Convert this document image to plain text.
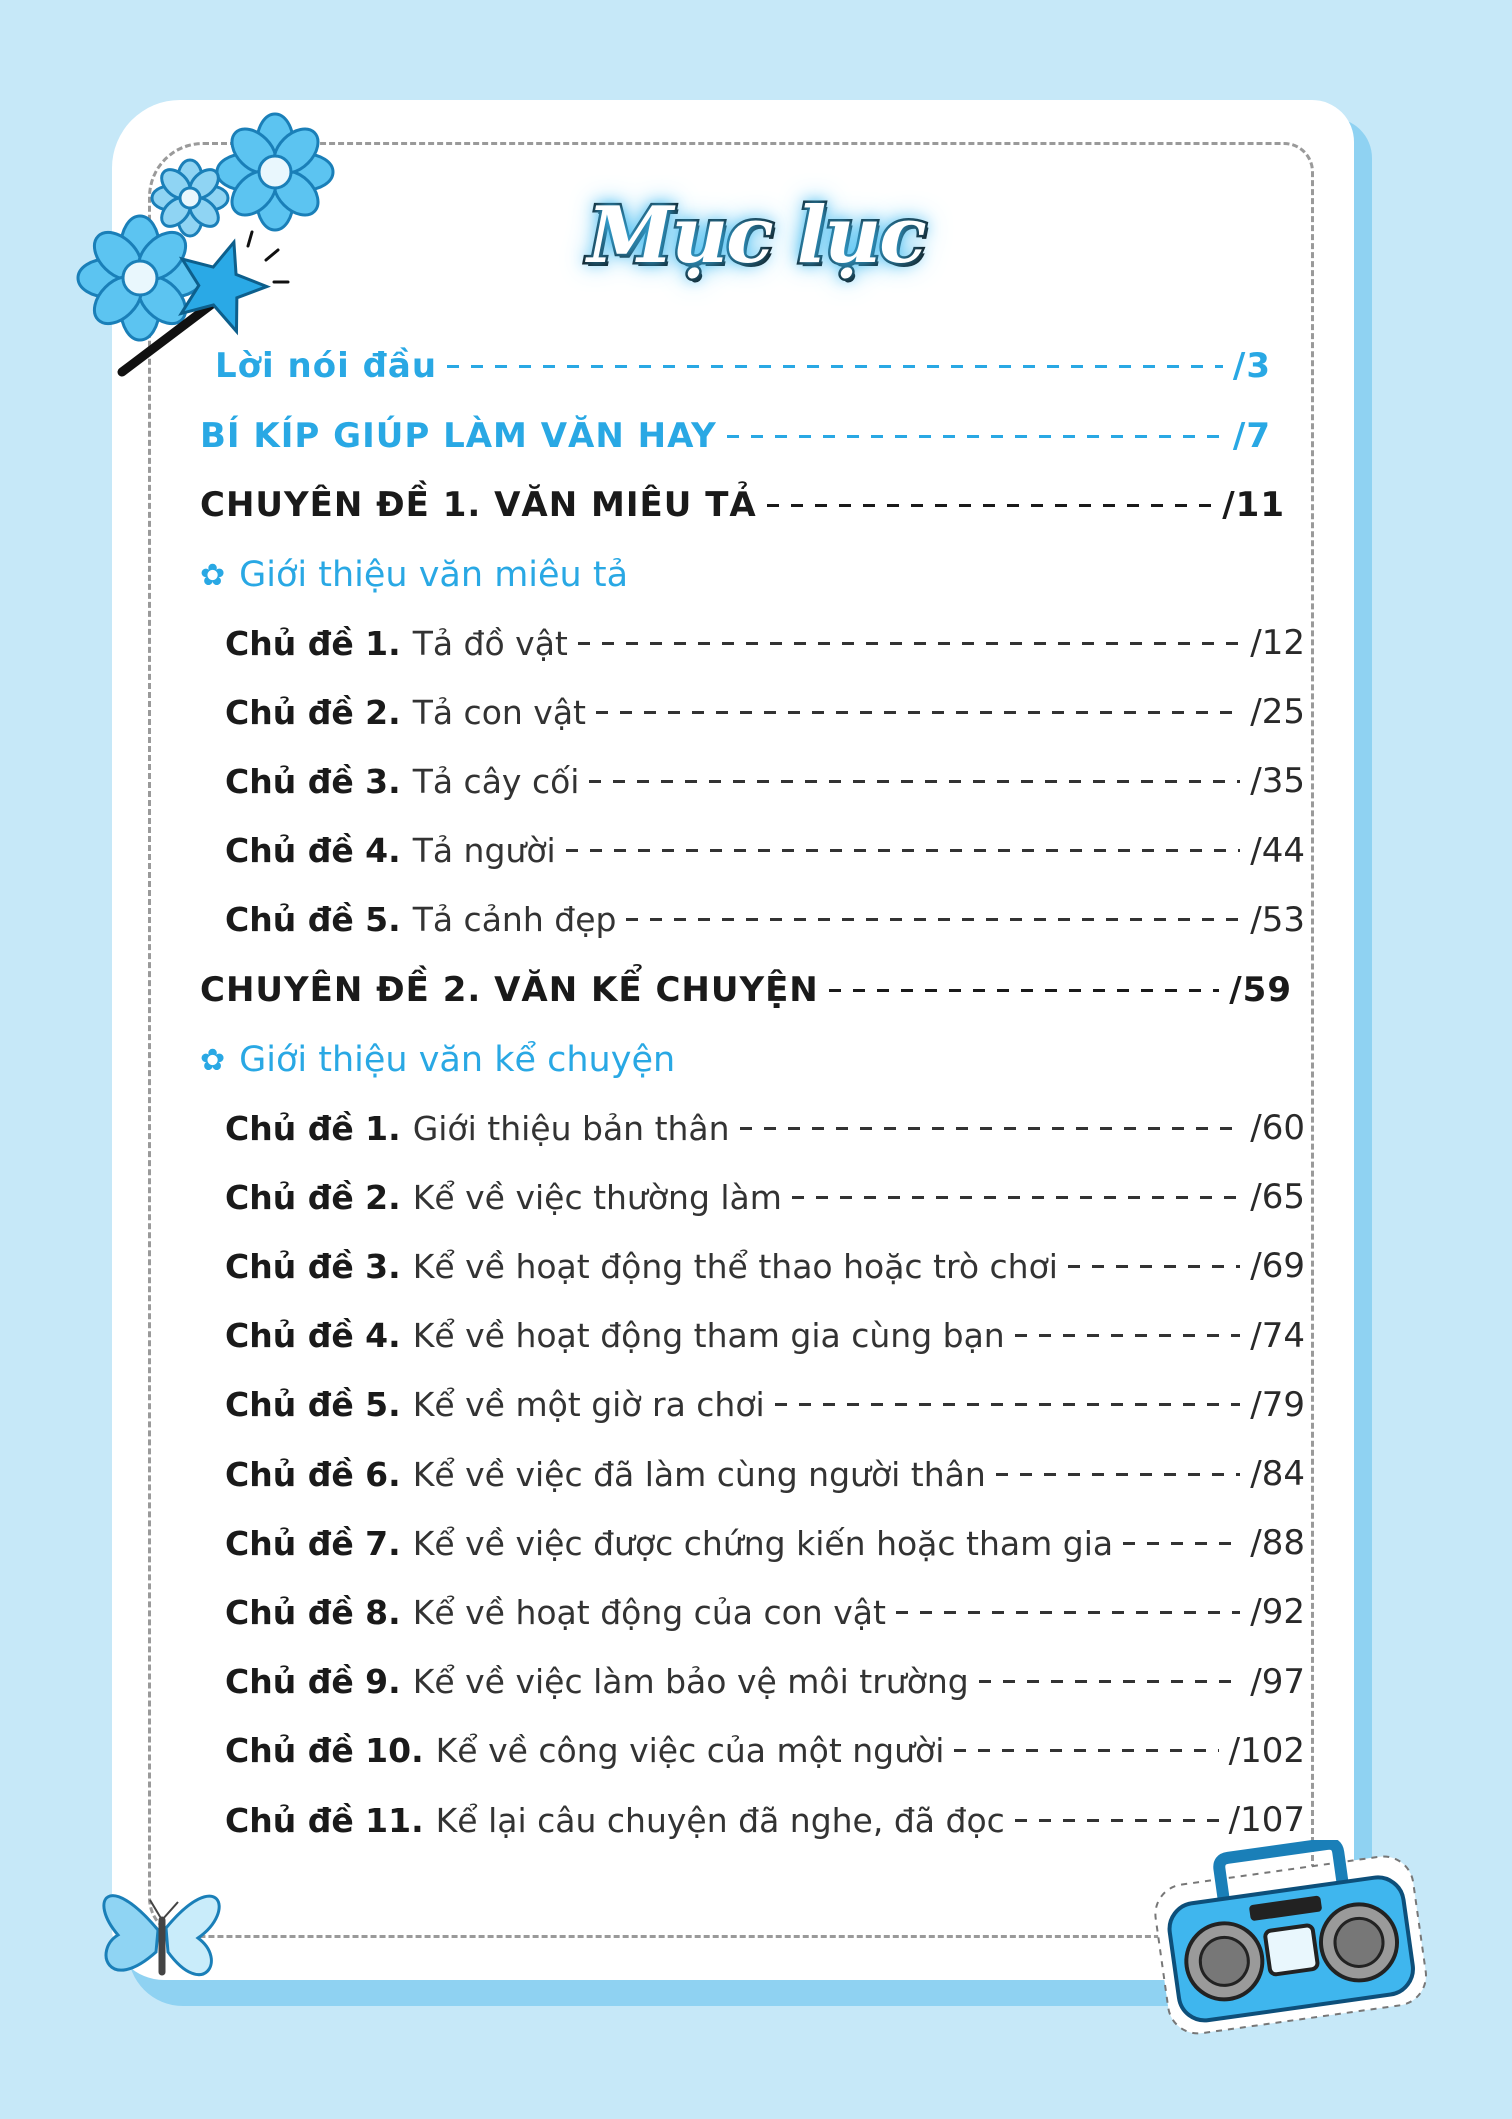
Mục lục
Lời nói đầu	/3
BÍ KÍP GIÚP LÀM VĂN HAY	/7
CHUYÊN ĐỀ 1. VĂN MIÊU TẢ	/11
✿ Giới thiệu văn miêu tả
Chủ đề 1. Tả đồ vật	/12
Chủ đề 2. Tả con vật	/25
Chủ đề 3. Tả cây cối	/35
Chủ đề 4. Tả người	/44
Chủ đề 5. Tả cảnh đẹp	/53
CHUYÊN ĐỀ 2. VĂN KỂ CHUYỆN	/59
✿ Giới thiệu văn kể chuyện
Chủ đề 1. Giới thiệu bản thân	/60
Chủ đề 2. Kể về việc thường làm	/65
Chủ đề 3. Kể về hoạt động thể thao hoặc trò chơi	/69
Chủ đề 4. Kể về hoạt động tham gia cùng bạn	/74
Chủ đề 5. Kể về một giờ ra chơi	/79
Chủ đề 6. Kể về việc đã làm cùng người thân	/84
Chủ đề 7. Kể về việc được chứng kiến hoặc tham gia	/88
Chủ đề 8. Kể về hoạt động của con vật	/92
Chủ đề 9. Kể về việc làm bảo vệ môi trường	/97
Chủ đề 10. Kể về công việc của một người	/102
Chủ đề 11. Kể lại câu chuyện đã nghe, đã đọc	/107
